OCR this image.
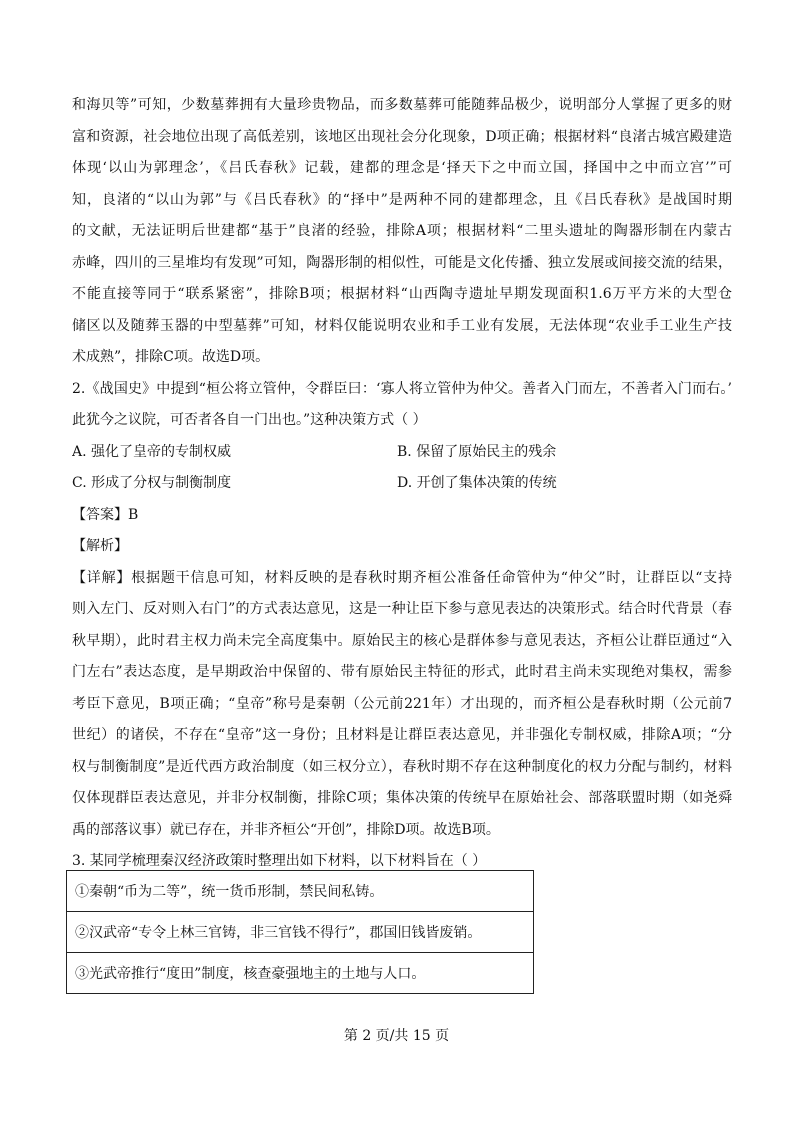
和海贝等”可知，少数墓葬拥有大量珍贵物品，而多数墓葬可能随葬品极少，说明部分人掌握了更多的财
富和资源，社会地位出现了高低差别，该地区出现社会分化现象，D项正确；根据材料“良渚古城宫殿建造
体现‘以山为郭理念’，《吕氏春秋》记载，建都的理念是‘择天下之中而立国，择国中之中而立宫’”可
知，良渚的“以山为郭”与《吕氏春秋》的“择中”是两种不同的建都理念，且《吕氏春秋》是战国时期
的文献，无法证明后世建都“基于”良渚的经验，排除A项；根据材料“二里头遗址的陶器形制在内蒙古
赤峰，四川的三星堆均有发现”可知，陶器形制的相似性，可能是文化传播、独立发展或间接交流的结果，
不能直接等同于“联系紧密”，排除B项；根据材料“山西陶寺遗址早期发现面积1.6万平方米的大型仓
储区以及随葬玉器的中型墓葬”可知，材料仅能说明农业和手工业有发展，无法体现“农业手工业生产技
术成熟”，排除C项。故选D项。
2.《战国史》中提到“桓公将立管仲，令群臣曰：‘寡人将立管仲为仲父。善者入门而左，不善者入门而右。’
此犹今之议院，可否者各自一门出也。”这种决策方式（ ）
A. 强化了皇帝的专制权威	B. 保留了原始民主的残余
C. 形成了分权与制衡制度	D. 开创了集体决策的传统
【答案】B
【解析】
【详解】根据题干信息可知，材料反映的是春秋时期齐桓公准备任命管仲为“仲父”时，让群臣以“支持
则入左门、反对则入右门”的方式表达意见，这是一种让臣下参与意见表达的决策形式。结合时代背景（春
秋早期），此时君主权力尚未完全高度集中。原始民主的核心是群体参与意见表达，齐桓公让群臣通过“入
门左右”表达态度，是早期政治中保留的、带有原始民主特征的形式，此时君主尚未实现绝对集权，需参
考臣下意见，B项正确；“皇帝”称号是秦朝（公元前221年）才出现的，而齐桓公是春秋时期（公元前7
世纪）的诸侯，不存在“皇帝”这一身份；且材料是让群臣表达意见，并非强化专制权威，排除A项；“分
权与制衡制度”是近代西方政治制度（如三权分立），春秋时期不存在这种制度化的权力分配与制约，材料
仅体现群臣表达意见，并非分权制衡，排除C项；集体决策的传统早在原始社会、部落联盟时期（如尧舜
禹的部落议事）就已存在，并非齐桓公“开创”，排除D项。故选B项。
3. 某同学梳理秦汉经济政策时整理出如下材料，以下材料旨在（ ）
①秦朝“币为二等”，统一货币形制，禁民间私铸。
②汉武帝“专令上林三官铸，非三官钱不得行”，郡国旧钱皆废销。
③光武帝推行“度田”制度，核查豪强地主的土地与人口。
第 2 页/共 15 页
